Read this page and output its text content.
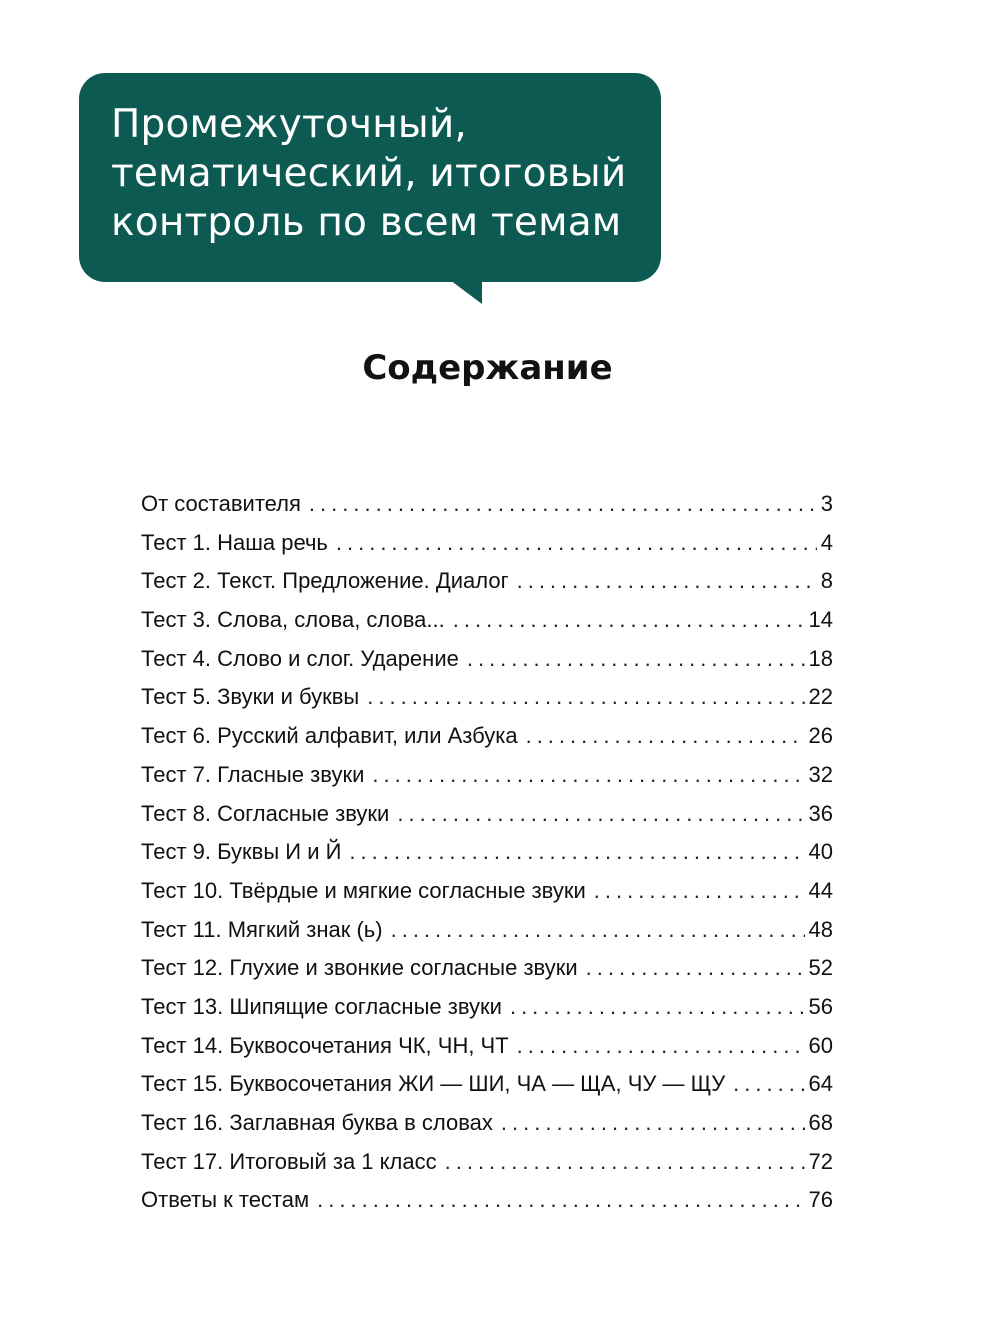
Промежуточный,
тематический, итоговый
контроль по всем темам
Содержание
От составителя .....	3
Тест 1. Наша речь .....	4
Тест 2. Текст. Предложение. Диалог .....	8
Тест 3. Слова, слова, слова... .....	14
Тест 4. Слово и слог. Ударение .....	18
Тест 5. Звуки и буквы .....	22
Тест 6. Русский алфавит, или Азбука .....	26
Тест 7. Гласные звуки .....	32
Тест 8. Согласные звуки .....	36
Тест 9. Буквы И и Й .....	40
Тест 10. Твёрдые и мягкие согласные звуки .....	44
Тест 11. Мягкий знак (ь) .....	48
Тест 12. Глухие и звонкие согласные звуки .....	52
Тест 13. Шипящие согласные звуки .....	56
Тест 14. Буквосочетания ЧК, ЧН, ЧТ .....	60
Тест 15. Буквосочетания ЖИ — ШИ, ЧА — ЩА, ЧУ — ЩУ .....	64
Тест 16. Заглавная буква в словах .....	68
Тест 17. Итоговый за 1 класс .....	72
Ответы к тестам .....	76
